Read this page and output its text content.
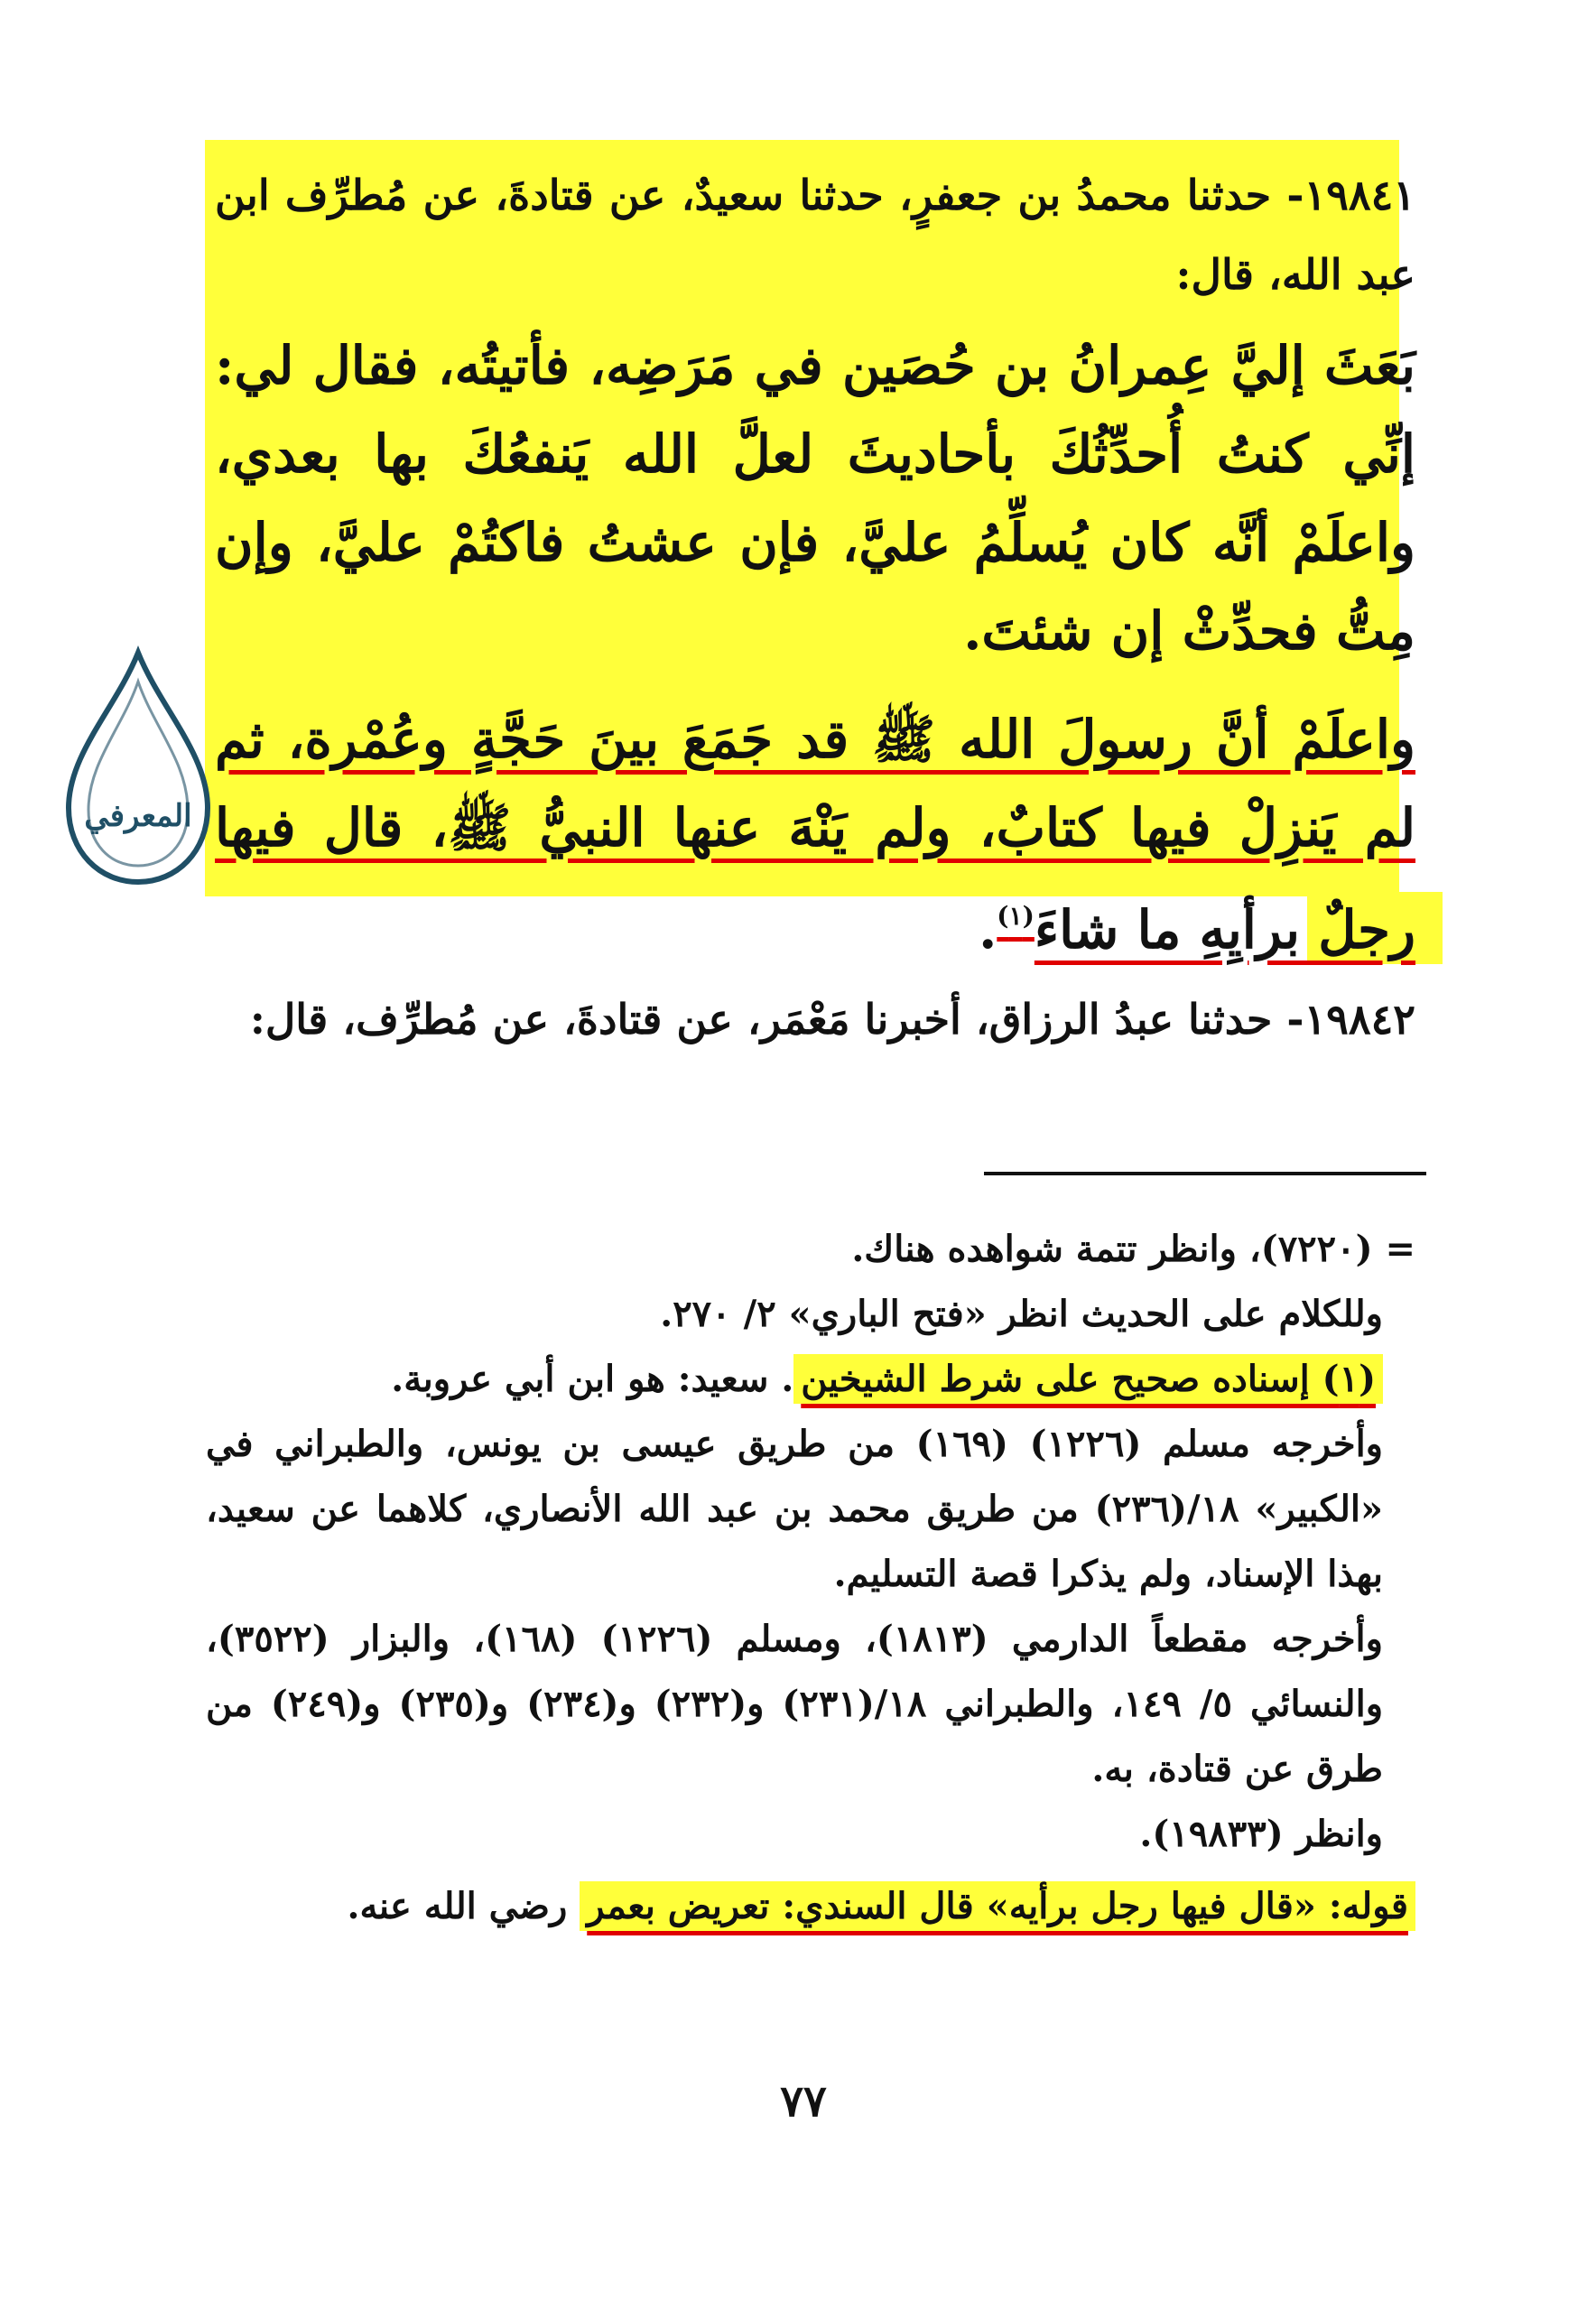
١٩٨٤١- حدثنا محمدُ بن جعفرٍ، حدثنا سعيدٌ، عن قتادةَ، عن مُطرِّف ابن عبد الله، قال:
بَعَثَ إليَّ عِمرانُ بن حُصَين في مَرَضِه، فأتيتُه، فقال لي: إنِّي كنتُ أُحدِّثُكَ بأحاديثَ لعلَّ الله يَنفعُكَ بها بعدي، واعلَمْ أنَّه كان يُسلِّمُ عليَّ، فإن عشتُ فاكتُمْ عليَّ، وإن مِتُّ فحدِّثْ إن شئتَ.
واعلَمْ أنَّ رسولَ الله ﷺ قد جَمَعَ بينَ حَجَّةٍ وعُمْرة، ثم لم يَنزِلْ فيها كتابٌ، ولم يَنْهَ عنها النبيُّ ﷺ، قال فيها رجلٌ برأيِهِ ما شاءَ$^{(١)}$.
١٩٨٤٢- حدثنا عبدُ الرزاق، أخبرنا مَعْمَر، عن قتادةَ، عن مُطرِّف، قال:

= (٧٢٢٠)، وانظر تتمة شواهده هناك.

وللكلام على الحديث انظر «فتح الباري» ٢/ ٢٧٠.

(١) إسناده صحيح على شرط الشيخين. سعيد: هو ابن أبي عروبة.

وأخرجه مسلم (١٢٢٦) (١٦٩) من طريق عيسى بن يونس، والطبراني في «الكبير» ١٨/(٢٣٦) من طريق محمد بن عبد الله الأنصاري، كلاهما عن سعيد، بهذا الإسناد، ولم يذكرا قصة التسليم.

وأخرجه مقطعاً الدارمي (١٨١٣)، ومسلم (١٢٢٦) (١٦٨)، والبزار (٣٥٢٢)، والنسائي ٥/ ١٤٩، والطبراني ١٨/(٢٣١) و(٢٣٢) و(٢٣٤) و(٢٣٥) و(٢٤٩) من طرق عن قتادة، به.

وانظر (١٩٨٣٣).

قوله: «قال فيها رجل برأيه» قال السندي: تعريض بعمر رضي الله عنه.

٧٧
المعرفي
